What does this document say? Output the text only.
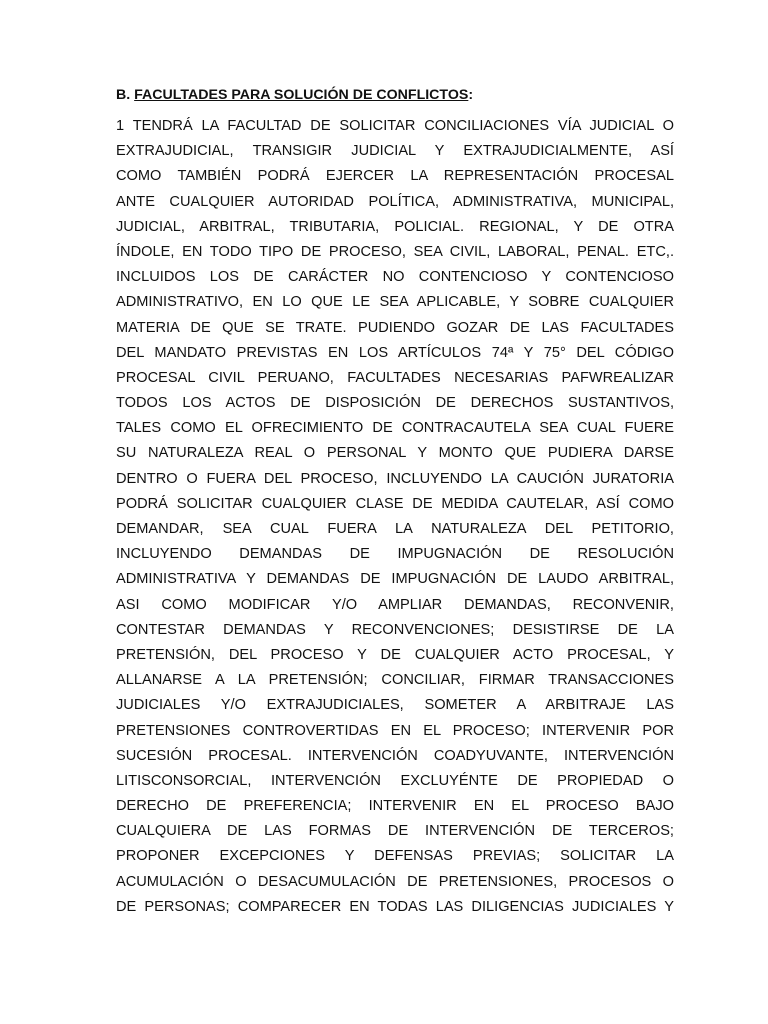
B. FACULTADES PARA SOLUCIÓN DE CONFLICTOS:
1 TENDRÁ LA FACULTAD DE SOLICITAR CONCILIACIONES VÍA JUDICIAL O
EXTRAJUDICIAL, TRANSIGIR JUDICIAL Y EXTRAJUDICIALMENTE, ASÍ
COMO TAMBIÉN PODRÁ EJERCER LA REPRESENTACIÓN PROCESAL
ANTE CUALQUIER AUTORIDAD POLÍTICA, ADMINISTRATIVA, MUNICIPAL,
JUDICIAL, ARBITRAL, TRIBUTARIA, POLICIAL. REGIONAL, Y DE OTRA
ÍNDOLE, EN TODO TIPO DE PROCESO, SEA CIVIL, LABORAL, PENAL. ETC,.
INCLUIDOS LOS DE CARÁCTER NO CONTENCIOSO Y CONTENCIOSO
ADMINISTRATIVO, EN LO QUE LE SEA APLICABLE, Y SOBRE CUALQUIER
MATERIA DE QUE SE TRATE. PUDIENDO GOZAR DE LAS FACULTADES
DEL MANDATO PREVISTAS EN LOS ARTÍCULOS 74ª Y 75° DEL CÓDIGO
PROCESAL CIVIL PERUANO, FACULTADES NECESARIAS PAFWREALIZAR
TODOS LOS ACTOS DE DISPOSICIÓN DE DERECHOS SUSTANTIVOS,
TALES COMO EL OFRECIMIENTO DE CONTRACAUTELA SEA CUAL FUERE
SU NATURALEZA REAL O PERSONAL Y MONTO QUE PUDIERA DARSE
DENTRO O FUERA DEL PROCESO, INCLUYENDO LA CAUCIÓN JURATORIA
PODRÁ SOLICITAR CUALQUIER CLASE DE MEDIDA CAUTELAR, ASÍ COMO
DEMANDAR, SEA CUAL FUERA LA NATURALEZA DEL PETITORIO,
INCLUYENDO DEMANDAS DE IMPUGNACIÓN DE RESOLUCIÓN
ADMINISTRATIVA Y DEMANDAS DE IMPUGNACIÓN DE LAUDO ARBITRAL,
ASI COMO MODIFICAR Y/O AMPLIAR DEMANDAS, RECONVENIR,
CONTESTAR DEMANDAS Y RECONVENCIONES; DESISTIRSE DE LA
PRETENSIÓN, DEL PROCESO Y DE CUALQUIER ACTO PROCESAL, Y
ALLANARSE A LA PRETENSIÓN; CONCILIAR, FIRMAR TRANSACCIONES
JUDICIALES Y/O EXTRAJUDICIALES, SOMETER A ARBITRAJE LAS
PRETENSIONES CONTROVERTIDAS EN EL PROCESO; INTERVENIR POR
SUCESIÓN PROCESAL. INTERVENCIÓN COADYUVANTE, INTERVENCIÓN
LITISCONSORCIAL, INTERVENCIÓN EXCLUYÉNTE DE PROPIEDAD O
DERECHO DE PREFERENCIA; INTERVENIR EN EL PROCESO BAJO
CUALQUIERA DE LAS FORMAS DE INTERVENCIÓN DE TERCEROS;
PROPONER EXCEPCIONES Y DEFENSAS PREVIAS; SOLICITAR LA
ACUMULACIÓN O DESACUMULACIÓN DE PRETENSIONES, PROCESOS O
DE PERSONAS; COMPARECER EN TODAS LAS DILIGENCIAS JUDICIALES Y
